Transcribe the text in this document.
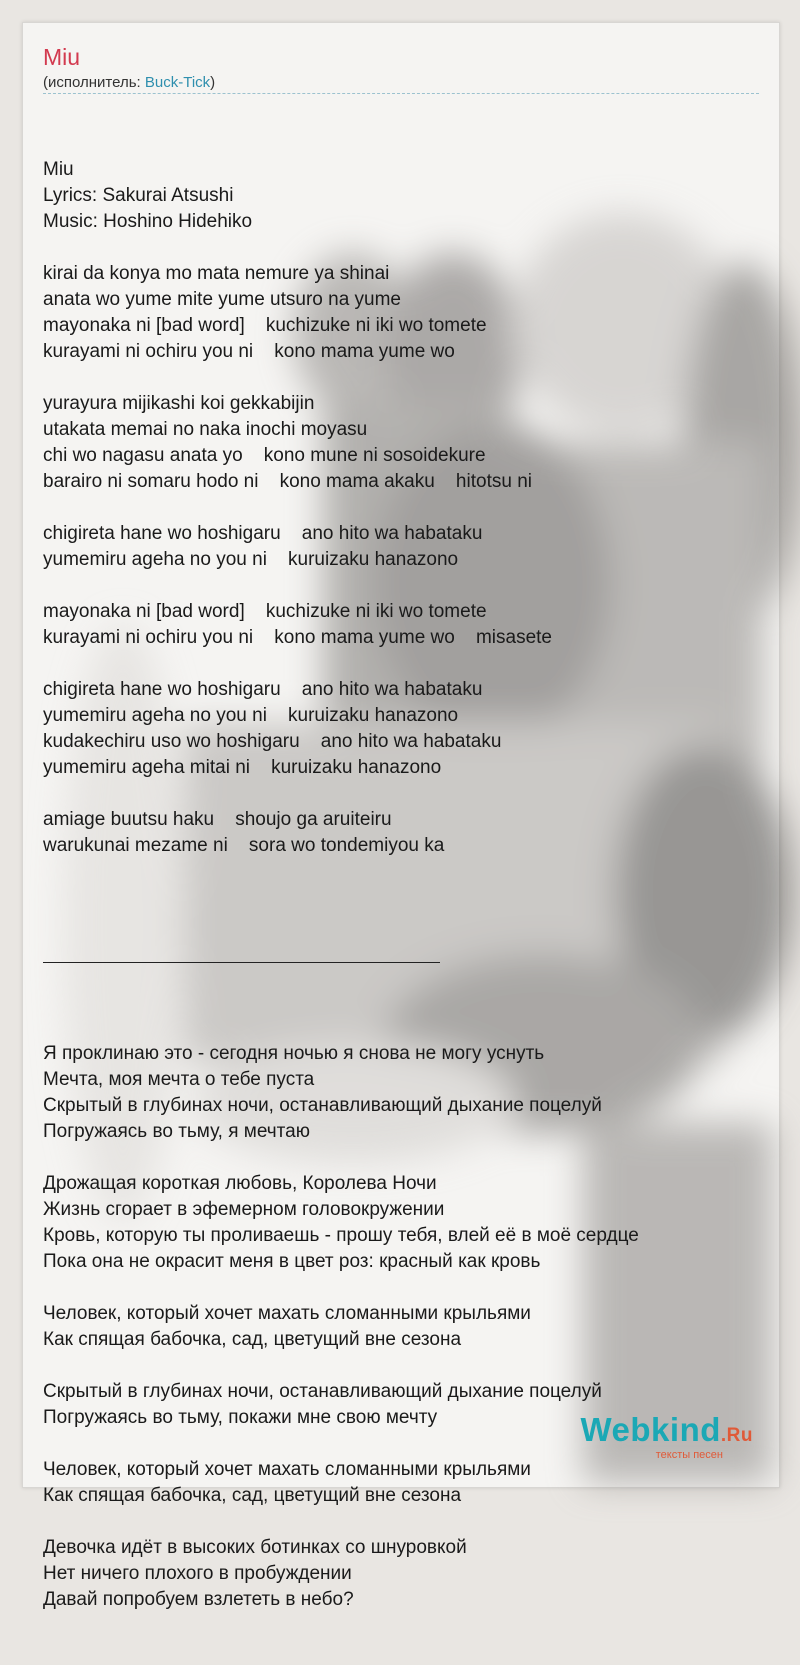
Miu
(исполнитель: Buck-Tick)

Miu
Lyrics: Sakurai Atsushi
Music: Hoshino Hidehiko
kirai da konya mo mata nemure ya shinai
anata wo yume mite yume utsuro na yume
mayonaka ni [bad word]    kuchizuke ni iki wo tomete
kurayami ni ochiru you ni    kono mama yume wo
yurayura mijikashi koi gekkabijin
utakata memai no naka inochi moyasu
chi wo nagasu anata yo    kono mune ni sosoidekure
barairo ni somaru hodo ni    kono mama akaku    hitotsu ni
chigireta hane wo hoshigaru    ano hito wa habataku
yumemiru ageha no you ni    kuruizaku hanazono
mayonaka ni [bad word]    kuchizuke ni iki wo tomete
kurayami ni ochiru you ni    kono mama yume wo    misasete
chigireta hane wo hoshigaru    ano hito wa habataku
yumemiru ageha no you ni    kuruizaku hanazono
kudakechiru uso wo hoshigaru    ano hito wa habataku
yumemiru ageha mitai ni    kuruizaku hanazono
amiage buutsu haku    shoujo ga aruiteiru
warukunai mezame ni    sora wo tondemiyou ka

Я проклинаю это - сегодня ночью я снова не могу уснуть
Мечта, моя мечта о тебе пуста
Скрытый в глубинах ночи, останавливающий дыхание поцелуй
Погружаясь во тьму, я мечтаю
Дрожащая короткая любовь, Королева Ночи
Жизнь сгорает в эфемерном головокружении
Кровь, которую ты проливаешь - прошу тебя, влей её в моё сердце
Пока она не окрасит меня в цвет роз: красный как кровь
Человек, который хочет махать сломанными крыльями
Как спящая бабочка, сад, цветущий вне сезона
Скрытый в глубинах ночи, останавливающий дыхание поцелуй
Погружаясь во тьму, покажи мне свою мечту
Человек, который хочет махать сломанными крыльями
Как спящая бабочка, сад, цветущий вне сезона
Девочка идёт в высоких ботинках со шнуровкой
Нет ничего плохого в пробуждении
Давай попробуем взлететь в небо?

Webkind.Ru
тексты песен
